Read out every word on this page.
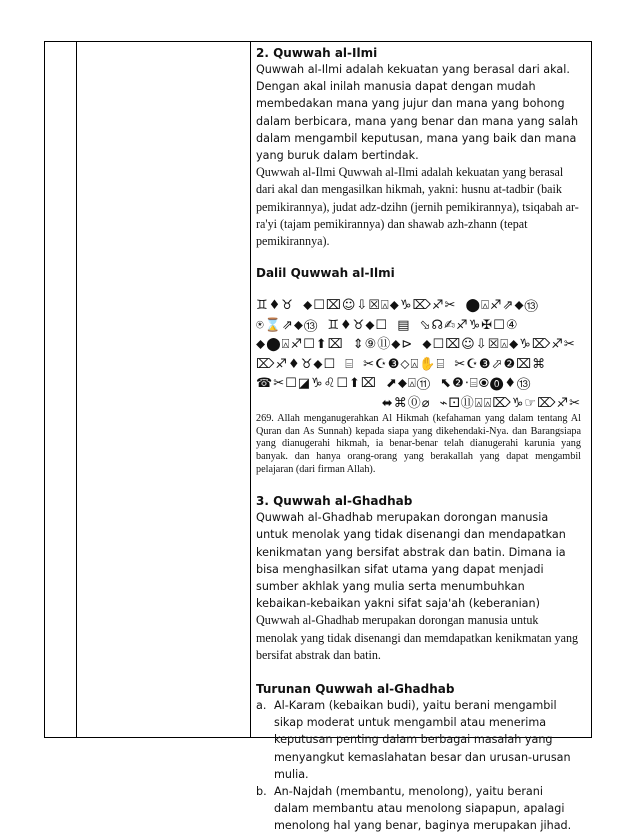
2. Quwwah al-Ilmi

Quwwah al-Ilmi adalah kekuatan yang berasal dari akal. Dengan akal inilah manusia dapat dengan mudah membedakan mana yang jujur dan mana yang bohong dalam berbicara, mana yang benar dan mana yang salah dalam mengambil keputusan, mana yang baik dan mana yang buruk dalam bertindak.

Quwwah al-Ilmi Quwwah al-Ilmi adalah kekuatan yang berasal dari akal dan mengasilkan hikmah, yakni: husnu at-tadbir (baik pemikirannya), judat adz-dzihn (jernih pemikirannya), tsiqabah ar-ra'yi (tajam pemikirannya) dan shawab azh-zhann (tepat pemikirannya).

Dalil Quwwah al-Ilmi

♊♦♉ ⬥☐⌧☺⇩☒⍓⬥♑⌦♐✂ ⬤⍓♐⇗⬥⑬

⍟⌛⇗⬥⑬ ♊♦♉⬥☐ ▤ ⬂☊✍♐♑✠☐④

⬥⬤⍓♐☐⬆⌧ ⇕⑨⑪⬥⊳ ⬥☐⌧☺⇩☒⍓⬥♑⌦♐✂

⌦♐♦♉⬥☐ ⌸ ✂☪❸⬦⍓✋⌸ ✂☪❸⬀❷⌧⌘

☎✂☐◪♑♌☐⬆⌧ ⬈⬥⍓⑪ ⬉❷⋅⌸⦿⓿♦⑬

⬌⌘⓪⌀ ⌁⚀⑪⍓⍓⌦♑☞⌦♐✂

269. Allah menganugerahkan Al Hikmah (kefahaman yang dalam tentang Al Quran dan As Sunnah) kepada siapa yang dikehendaki-Nya. dan Barangsiapa yang dianugerahi hikmah, ia benar-benar telah dianugerahi karunia yang banyak. dan hanya orang-orang yang berakallah yang dapat mengambil pelajaran (dari firman Allah).

3. Quwwah al-Ghadhab

Quwwah al-Ghadhab merupakan dorongan manusia untuk menolak yang tidak disenangi dan mendapatkan kenikmatan yang bersifat abstrak dan batin. Dimana ia bisa menghasilkan sifat utama yang dapat menjadi sumber akhlak yang mulia serta menumbuhkan kebaikan-kebaikan yakni sifat saja'ah (keberanian)

Quwwah al-Ghadhab merupakan dorongan manusia untuk menolak yang tidak disenangi dan memdapatkan kenikmatan yang bersifat abstrak dan batin.

Turunan Quwwah al-Ghadhab

a. Al-Karam (kebaikan budi), yaitu berani mengambil sikap moderat untuk mengambil atau menerima keputusan penting dalam berbagai masalah yang menyangkut kemaslahatan besar dan urusan-urusan mulia.
b. An-Najdah (membantu, menolong), yaitu berani dalam membantu atau menolong siapapun, apalagi menolong hal yang benar, baginya merupakan jihad.
